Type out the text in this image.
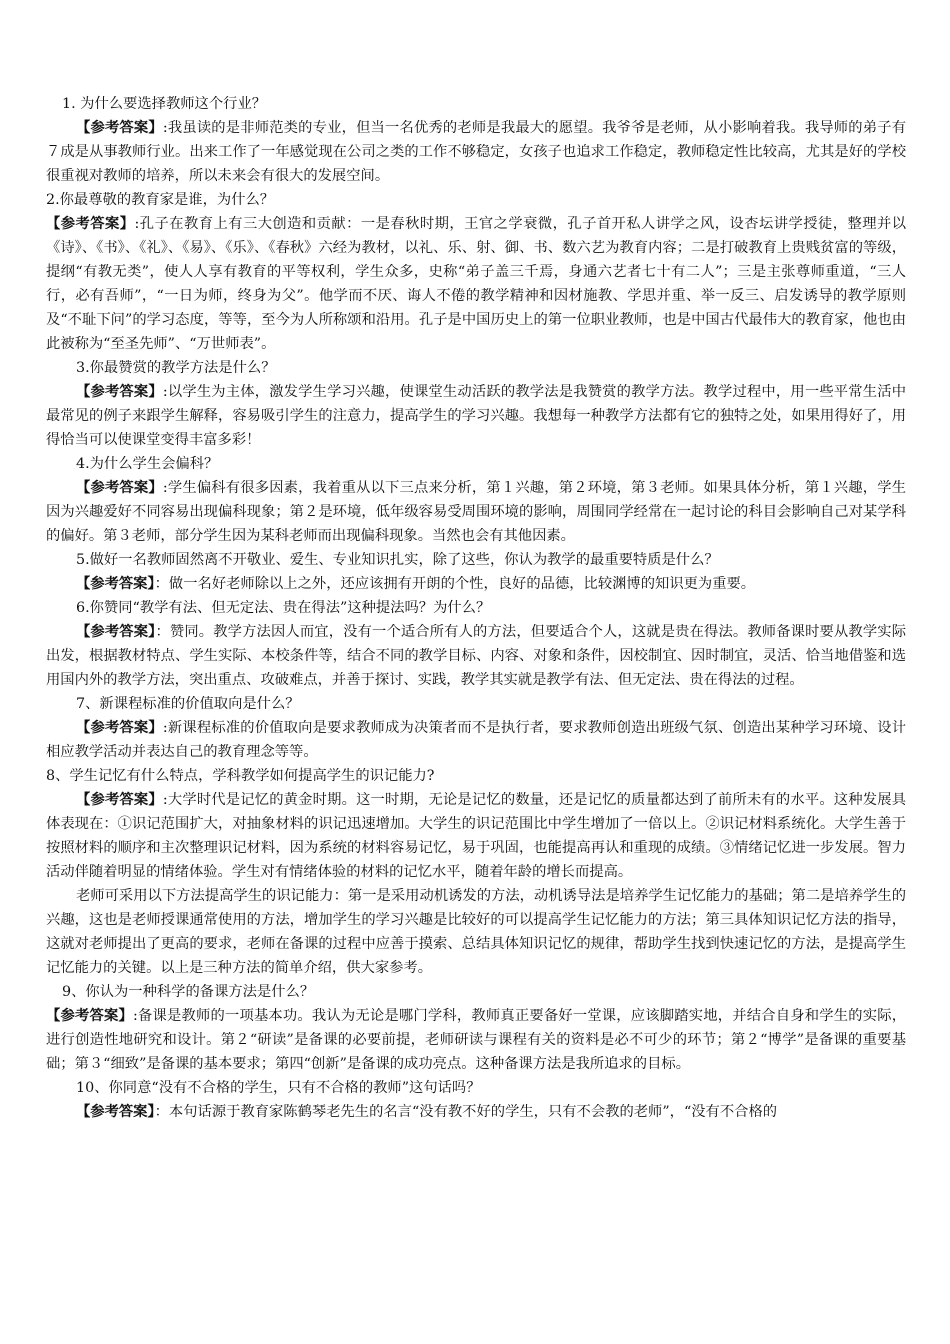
1. 为什么要选择教师这个行业？

【参考答案】:我虽读的是非师范类的专业，但当一名优秀的老师是我最大的愿望。我爷爷是老师，从小影响着我。我导师的弟子有７成是从事教师行业。出来工作了一年感觉现在公司之类的工作不够稳定，女孩子也追求工作稳定，教师稳定性比较高，尤其是好的学校很重视对教师的培养，所以未来会有很大的发展空间。

2.你最尊敬的教育家是谁，为什么？

【参考答案】:孔子在教育上有三大创造和贡献：一是春秋时期，王官之学衰微，孔子首开私人讲学之风，设杏坛讲学授徒，整理并以《诗》、《书》、《礼》、《易》、《乐》、《春秋》六经为教材，以礼、乐、射、御、书、数六艺为教育内容；二是打破教育上贵贱贫富的等级，提纲“有教无类”，使人人享有教育的平等权利，学生众多，史称“弟子盖三千焉，身通六艺者七十有二人”；三是主张尊师重道，“三人行，必有吾师”，“一日为师，终身为父”。他学而不厌、诲人不倦的教学精神和因材施教、学思并重、举一反三、启发诱导的教学原则及“不耻下问”的学习态度，等等，至今为人所称颂和沿用。孔子是中国历史上的第一位职业教师，也是中国古代最伟大的教育家，他也由此被称为“至圣先师”、“万世师表”。

3.你最赞赏的教学方法是什么？

【参考答案】:以学生为主体，激发学生学习兴趣，使课堂生动活跃的教学法是我赞赏的教学方法。教学过程中，用一些平常生活中最常见的例子来跟学生解释，容易吸引学生的注意力，提高学生的学习兴趣。我想每一种教学方法都有它的独特之处，如果用得好了，用得恰当可以使课堂变得丰富多彩！

4.为什么学生会偏科？

【参考答案】:学生偏科有很多因素，我着重从以下三点来分析，第１兴趣，第２环境，第３老师。如果具体分析，第１兴趣，学生因为兴趣爱好不同容易出现偏科现象；第２是环境，低年级容易受周围环境的影响，周围同学经常在一起讨论的科目会影响自己对某学科的偏好。第３老师，部分学生因为某科老师而出现偏科现象。当然也会有其他因素。

5.做好一名教师固然离不开敬业、爱生、专业知识扎实，除了这些，你认为教学的最重要特质是什么？

【参考答案】：做一名好老师除以上之外，还应该拥有开朗的个性，良好的品德，比较渊博的知识更为重要。

6.你赞同“教学有法、但无定法、贵在得法”这种提法吗？为什么？

【参考答案】：赞同。教学方法因人而宜，没有一个适合所有人的方法，但要适合个人，这就是贵在得法。教师备课时要从教学实际出发，根据教材特点、学生实际、本校条件等，结合不同的教学目标、内容、对象和条件，因校制宜、因时制宜，灵活、恰当地借鉴和选用国内外的教学方法，突出重点、攻破难点，并善于探讨、实践，教学其实就是教学有法、但无定法、贵在得法的过程。

7、新课程标准的价值取向是什么？

【参考答案】:新课程标准的价值取向是要求教师成为决策者而不是执行者，要求教师创造出班级气氛、创造出某种学习环境、设计相应教学活动并表达自己的教育理念等等。

8、学生记忆有什么特点，学科教学如何提高学生的识记能力?

【参考答案】:大学时代是记忆的黄金时期。这一时期，无论是记忆的数量，还是记忆的质量都达到了前所未有的水平。这种发展具体表现在：①识记范围扩大，对抽象材料的识记迅速增加。大学生的识记范围比中学生增加了一倍以上。②识记材料系统化。大学生善于按照材料的顺序和主次整理识记材料，因为系统的材料容易记忆，易于巩固，也能提高再认和重现的成绩。③情绪记忆进一步发展。智力活动伴随着明显的情绪体验。学生对有情绪体验的材料的记忆水平，随着年龄的增长而提高。

老师可采用以下方法提高学生的识记能力：第一是采用动机诱发的方法，动机诱导法是培养学生记忆能力的基础；第二是培养学生的兴趣，这也是老师授课通常使用的方法，增加学生的学习兴趣是比较好的可以提高学生记忆能力的方法；第三具体知识记忆方法的指导，这就对老师提出了更高的要求，老师在备课的过程中应善于摸索、总结具体知识记忆的规律，帮助学生找到快速记忆的方法，是提高学生记忆能力的关键。以上是三种方法的简单介绍，供大家参考。

9、你认为一种科学的备课方法是什么？

【参考答案】:备课是教师的一项基本功。我认为无论是哪门学科，教师真正要备好一堂课，应该脚踏实地，并结合自身和学生的实际，进行创造性地研究和设计。第２“研读”是备课的必要前提，老师研读与课程有关的资料是必不可少的环节；第２“博学”是备课的重要基础；第３“细致”是备课的基本要求；第四“创新”是备课的成功亮点。这种备课方法是我所追求的目标。

10、你同意“没有不合格的学生，只有不合格的教师”这句话吗？

【参考答案】：本句话源于教育家陈鹤琴老先生的名言“没有教不好的学生，只有不会教的老师”，“没有不合格的
